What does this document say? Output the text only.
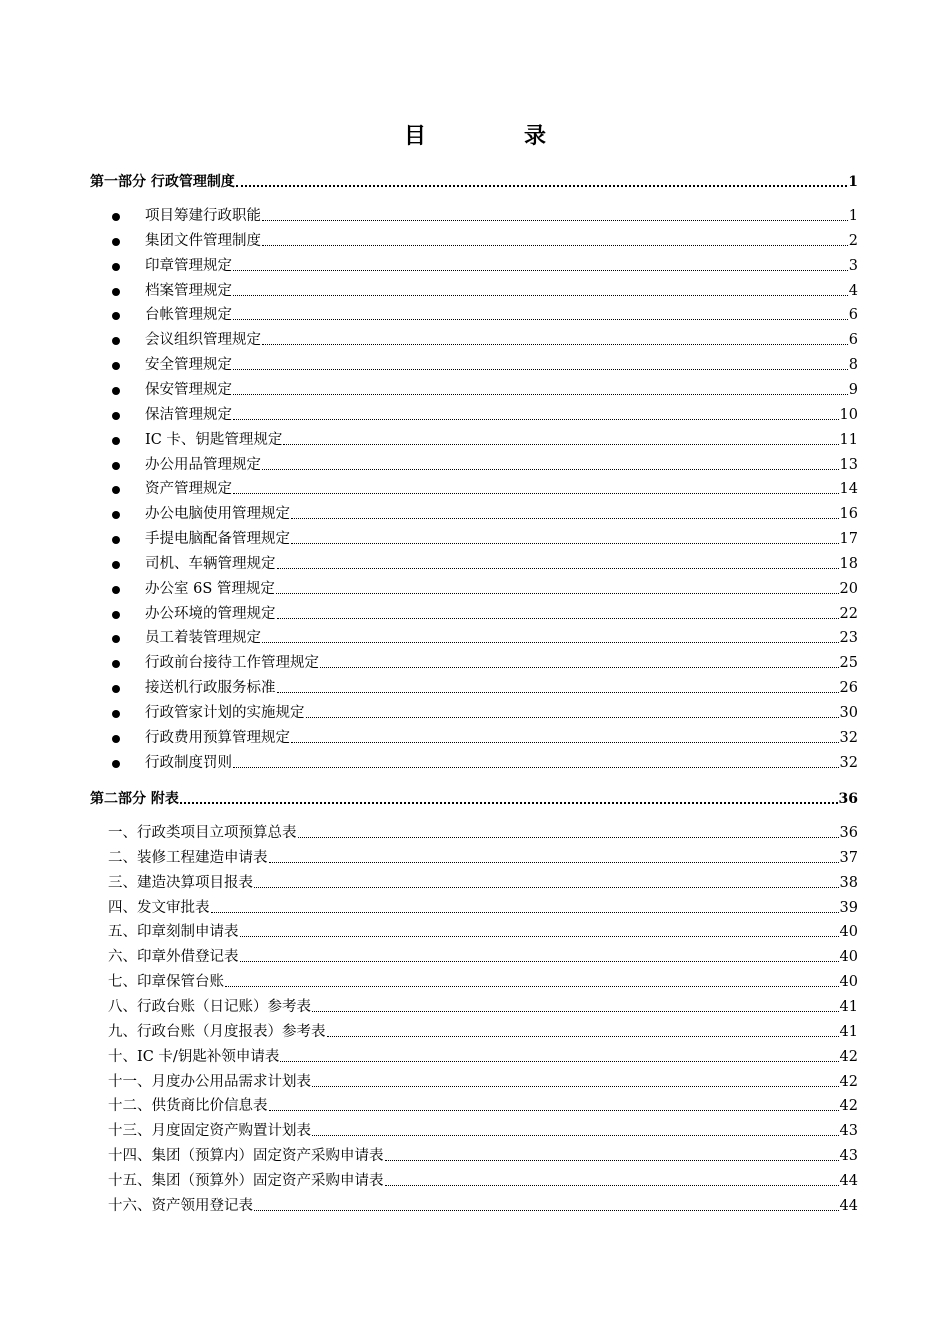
目　录
第一部分 行政管理制度	1
项目筹建行政职能	1
集团文件管理制度	2
印章管理规定	3
档案管理规定	4
台帐管理规定	6
会议组织管理规定	6
安全管理规定	8
保安管理规定	9
保洁管理规定	10
IC 卡、钥匙管理规定	11
办公用品管理规定	13
资产管理规定	14
办公电脑使用管理规定	16
手提电脑配备管理规定	17
司机、车辆管理规定	18
办公室 6S 管理规定	20
办公环境的管理规定	22
员工着装管理规定	23
行政前台接待工作管理规定	25
接送机行政服务标准	26
行政管家计划的实施规定	30
行政费用预算管理规定	32
行政制度罚则	32
第二部分 附表	36
一、行政类项目立项预算总表	36
二、装修工程建造申请表	37
三、建造决算项目报表	38
四、发文审批表	39
五、印章刻制申请表	40
六、印章外借登记表	40
七、印章保管台账	40
八、行政台账（日记账）参考表	41
九、行政台账（月度报表）参考表	41
十、IC 卡/钥匙补领申请表	42
十一、月度办公用品需求计划表	42
十二、供货商比价信息表	42
十三、月度固定资产购置计划表	43
十四、集团（预算内）固定资产采购申请表	43
十五、集团（预算外）固定资产采购申请表	44
十六、资产领用登记表	44
